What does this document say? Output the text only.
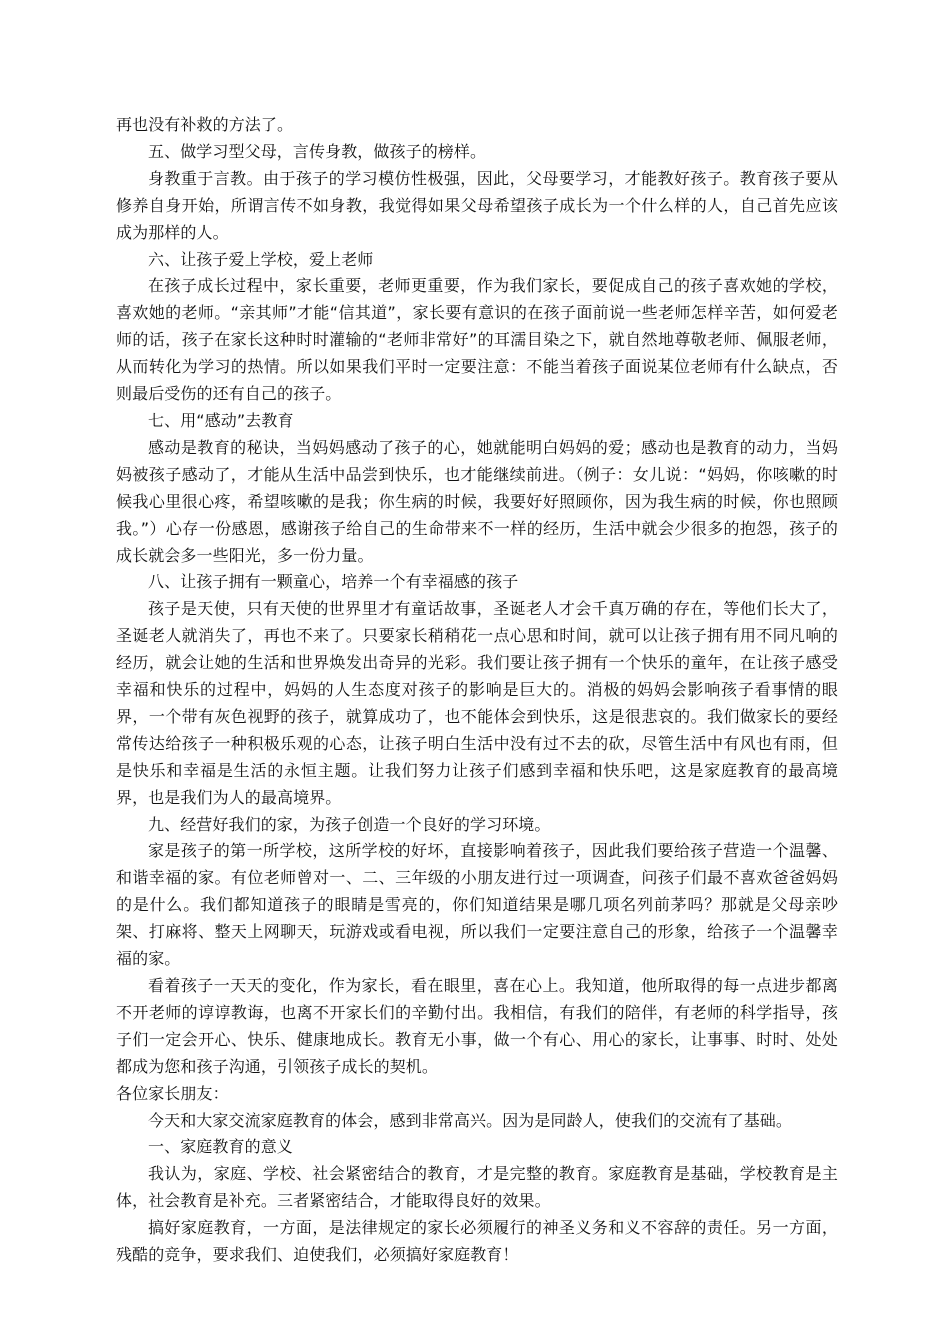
再也没有补救的方法了。

五、做学习型父母，言传身教，做孩子的榜样。

身教重于言教。由于孩子的学习模仿性极强，因此，父母要学习，才能教好孩子。教育孩子要从修养自身开始，所谓言传不如身教，我觉得如果父母希望孩子成长为一个什么样的人，自己首先应该成为那样的人。

六、让孩子爱上学校，爱上老师

在孩子成长过程中，家长重要，老师更重要，作为我们家长，要促成自己的孩子喜欢她的学校，喜欢她的老师。“亲其师”才能“信其道”，家长要有意识的在孩子面前说一些老师怎样辛苦，如何爱老师的话，孩子在家长这种时时灌输的“老师非常好”的耳濡目染之下，就自然地尊敬老师、佩服老师，从而转化为学习的热情。所以如果我们平时一定要注意：不能当着孩子面说某位老师有什么缺点，否则最后受伤的还有自己的孩子。

七、用“感动”去教育

感动是教育的秘诀，当妈妈感动了孩子的心，她就能明白妈妈的爱；感动也是教育的动力，当妈妈被孩子感动了，才能从生活中品尝到快乐，也才能继续前进。（例子：女儿说：“妈妈，你咳嗽的时候我心里很心疼，希望咳嗽的是我；你生病的时候，我要好好照顾你，因为我生病的时候，你也照顾我。”）心存一份感恩，感谢孩子给自己的生命带来不一样的经历，生活中就会少很多的抱怨，孩子的成长就会多一些阳光，多一份力量。

八、让孩子拥有一颗童心，培养一个有幸福感的孩子

孩子是天使，只有天使的世界里才有童话故事，圣诞老人才会千真万确的存在，等他们长大了，圣诞老人就消失了，再也不来了。只要家长稍稍花一点心思和时间，就可以让孩子拥有用不同凡响的经历，就会让她的生活和世界焕发出奇异的光彩。我们要让孩子拥有一个快乐的童年，在让孩子感受幸福和快乐的过程中，妈妈的人生态度对孩子的影响是巨大的。消极的妈妈会影响孩子看事情的眼界，一个带有灰色视野的孩子，就算成功了，也不能体会到快乐，这是很悲哀的。我们做家长的要经常传达给孩子一种积极乐观的心态，让孩子明白生活中没有过不去的砍，尽管生活中有风也有雨，但是快乐和幸福是生活的永恒主题。让我们努力让孩子们感到幸福和快乐吧，这是家庭教育的最高境界，也是我们为人的最高境界。

九、经营好我们的家，为孩子创造一个良好的学习环境。

家是孩子的第一所学校，这所学校的好坏，直接影响着孩子，因此我们要给孩子营造一个温馨、和谐幸福的家。有位老师曾对一、二、三年级的小朋友进行过一项调查，问孩子们最不喜欢爸爸妈妈的是什么。我们都知道孩子的眼睛是雪亮的，你们知道结果是哪几项名列前茅吗？那就是父母亲吵架、打麻将、整天上网聊天，玩游戏或看电视，所以我们一定要注意自己的形象，给孩子一个温馨幸福的家。

看着孩子一天天的变化，作为家长，看在眼里，喜在心上。我知道，他所取得的每一点进步都离不开老师的谆谆教诲，也离不开家长们的辛勤付出。我相信，有我们的陪伴，有老师的科学指导，孩子们一定会开心、快乐、健康地成长。教育无小事，做一个有心、用心的家长，让事事、时时、处处都成为您和孩子沟通，引领孩子成长的契机。

各位家长朋友：

今天和大家交流家庭教育的体会，感到非常高兴。因为是同龄人，使我们的交流有了基础。

一、家庭教育的意义

我认为，家庭、学校、社会紧密结合的教育，才是完整的教育。家庭教育是基础，学校教育是主体，社会教育是补充。三者紧密结合，才能取得良好的效果。

搞好家庭教育，一方面，是法律规定的家长必须履行的神圣义务和义不容辞的责任。另一方面，残酷的竞争，要求我们、迫使我们，必须搞好家庭教育！
